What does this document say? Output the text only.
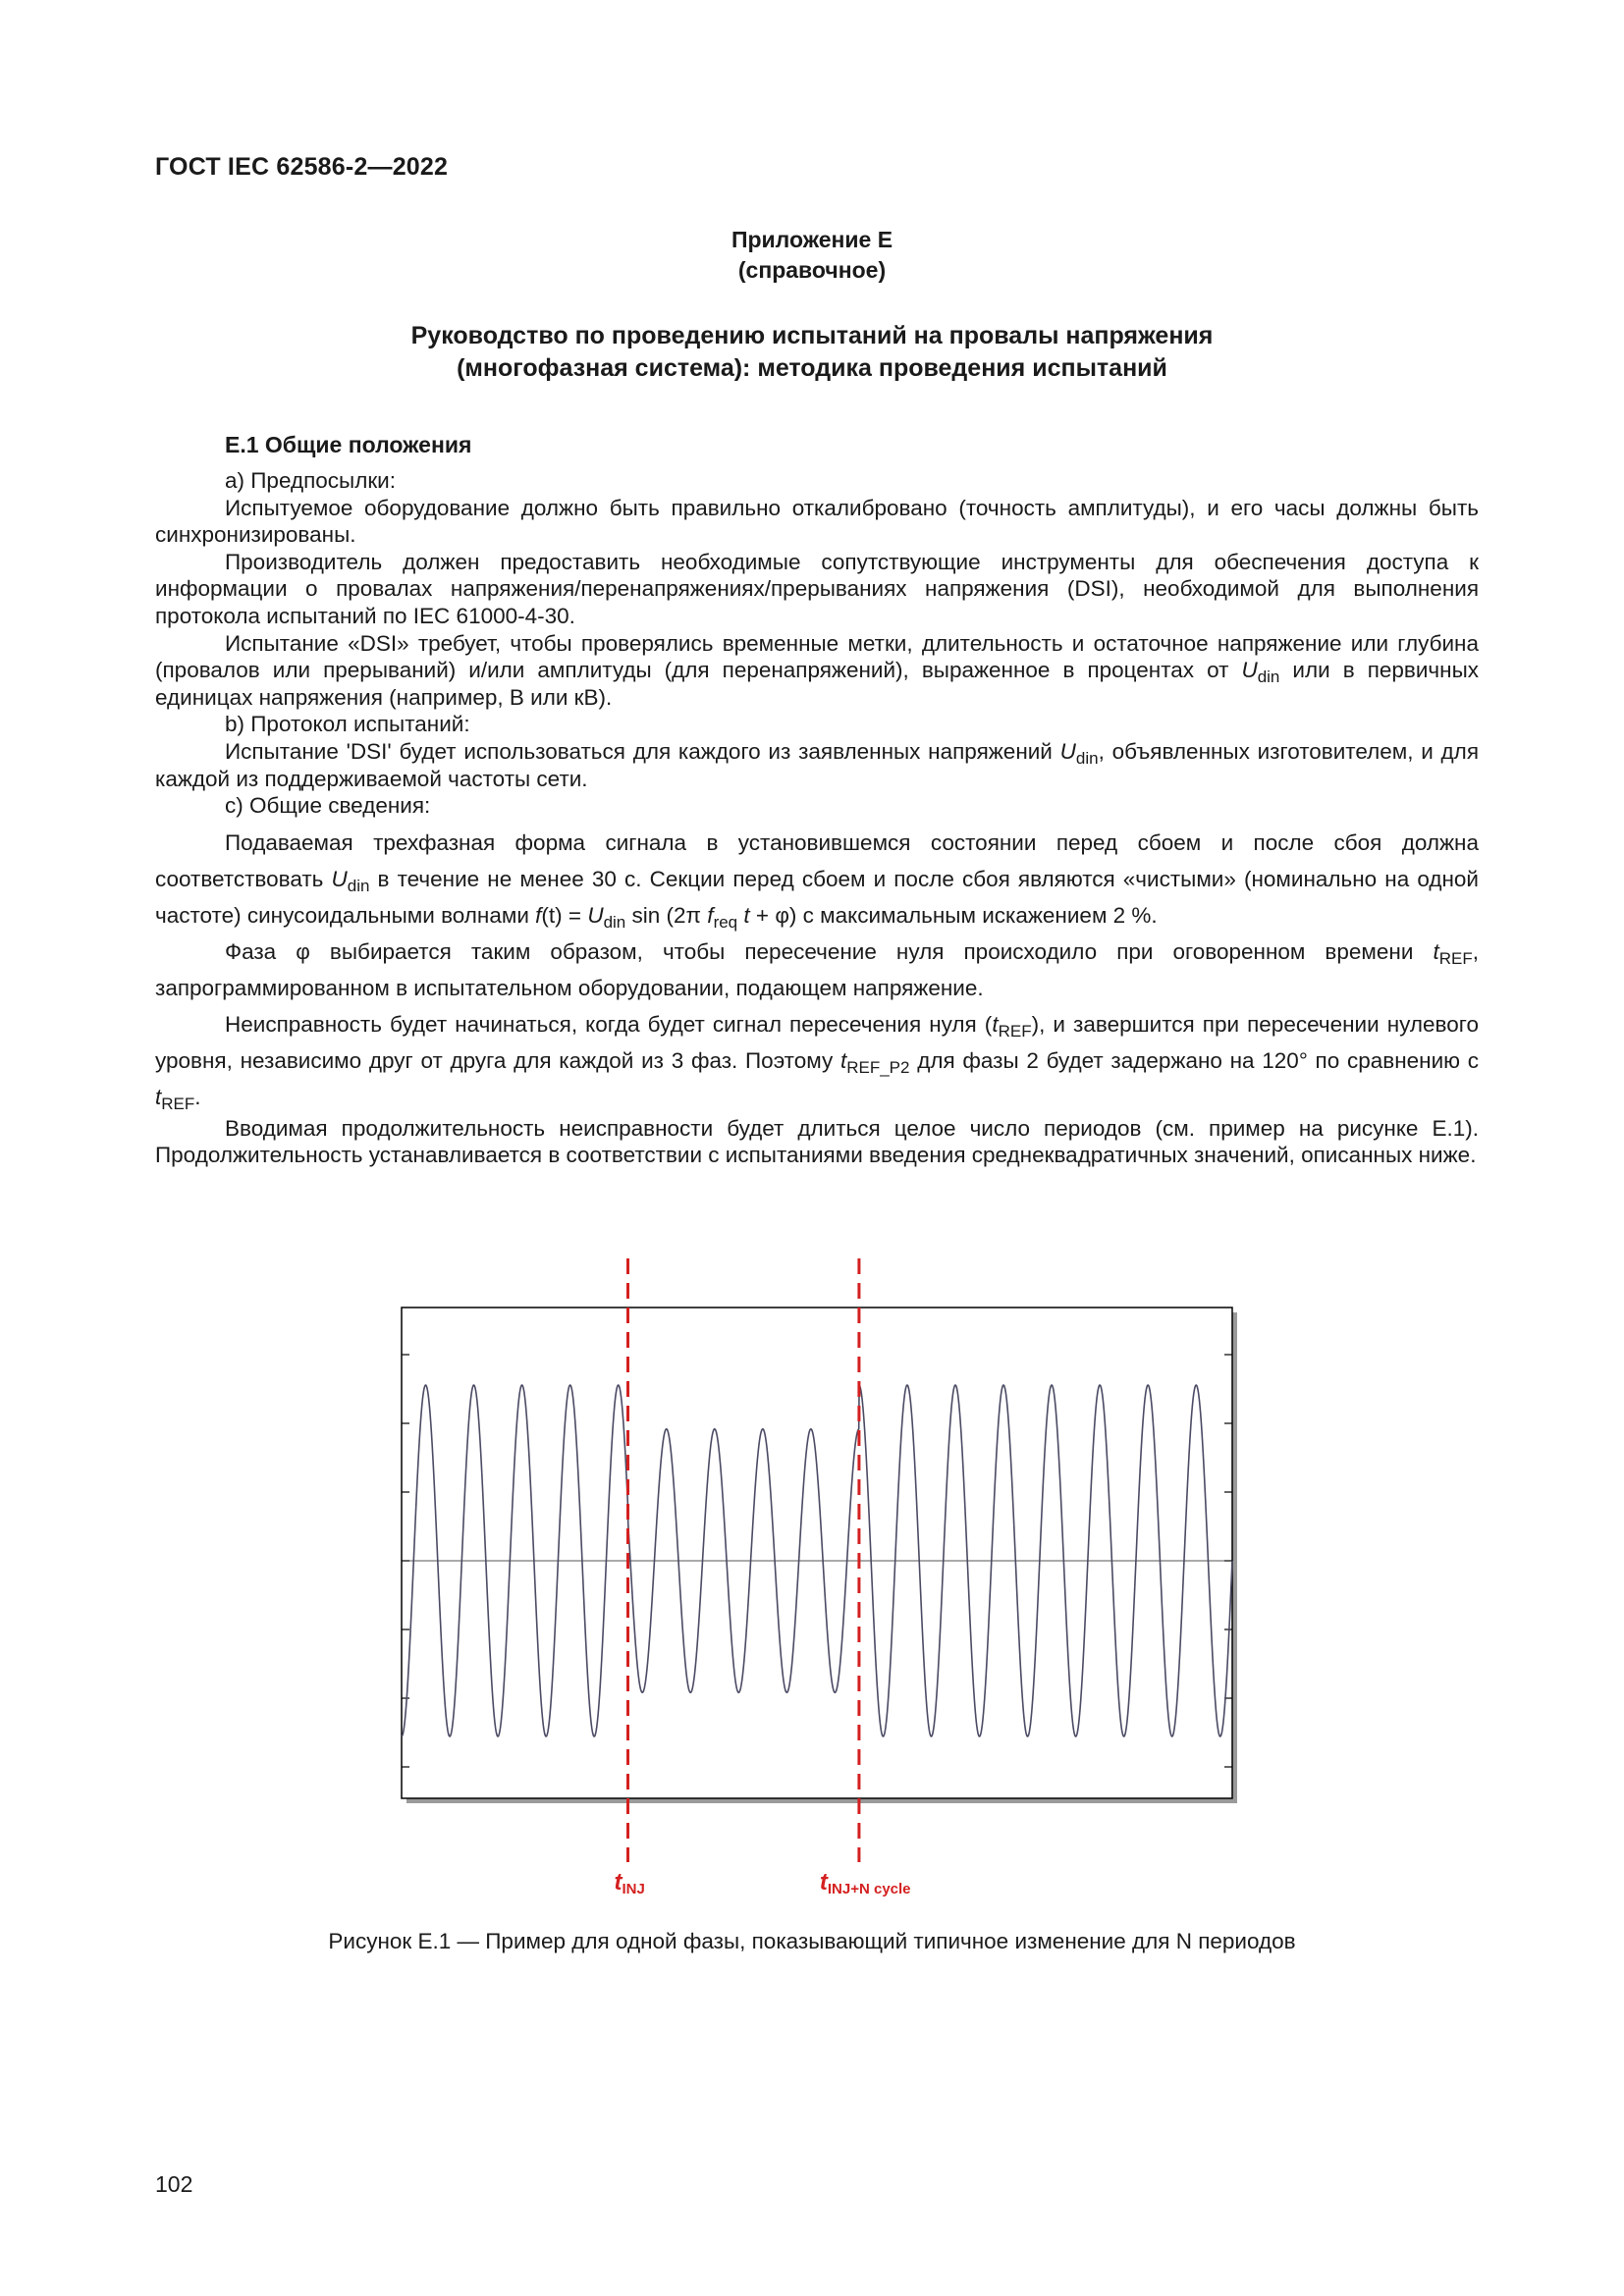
ГОСТ IEC 62586-2—2022
Приложение Е
(справочное)
Руководство по проведению испытаний на провалы напряжения
(многофазная система): методика проведения испытаний
Е.1 Общие положения

a) Предпосылки:

Испытуемое оборудование должно быть правильно откалибровано (точность амплитуды), и его часы должны быть синхронизированы.

Производитель должен предоставить необходимые сопутствующие инструменты для обеспечения доступа к информации о провалах напряжения/перенапряжениях/прерываниях напряжения (DSI), необходимой для выполнения протокола испытаний по IEC 61000-4-30.

Испытание «DSI» требует, чтобы проверялись временные метки, длительность и остаточное напряжение или глубина (провалов или прерываний) и/или амплитуды (для перенапряжений), выраженное в процентах от $U_{din}$ или в первичных единицах напряжения (например, В или кВ).

b) Протокол испытаний:

Испытание 'DSI' будет использоваться для каждого из заявленных напряжений $U_{din}$, объявленных изготовителем, и для каждой из поддерживаемой частоты сети.

c) Общие сведения:

Подаваемая трехфазная форма сигнала в установившемся состоянии перед сбоем и после сбоя должна соответствовать $U_{din}$ в течение не менее 30 с. Секции перед сбоем и после сбоя являются «чистыми» (номинально на одной частоте) синусоидальными волнами $f(t) = U_{din}$ sin (2π $f_{req}$ t + φ) с максимальным искажением 2 %.

Фаза φ выбирается таким образом, чтобы пересечение нуля происходило при оговоренном времени $t_{REF}$, запрограммированном в испытательном оборудовании, подающем напряжение.

Неисправность будет начинаться, когда будет сигнал пересечения нуля $(t_{REF})$, и завершится при пересечении нулевого уровня, независимо друг от друга для каждой из 3 фаз. Поэтому $t_{REF\_P2}$ для фазы 2 будет задержано на 120° по сравнению с $t_{REF}$.

Вводимая продолжительность неисправности будет длиться целое число периодов (см. пример на рисунке Е.1). Продолжительность устанавливается в соответствии с испытаниями введения среднеквадратичных значений, описанных ниже.

tINJ	tINJ+N cycle
Рисунок Е.1 — Пример для одной фазы, показывающий типичное изменение для N периодов
102
